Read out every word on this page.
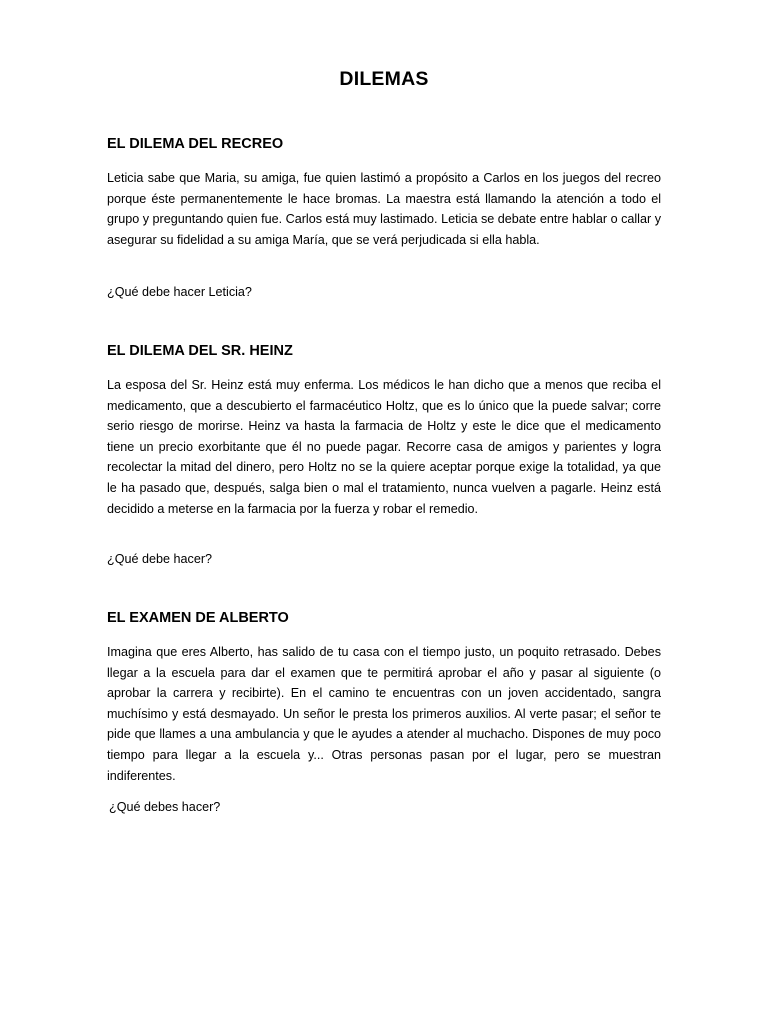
DILEMAS
EL DILEMA DEL RECREO

Leticia sabe que Maria, su amiga, fue quien lastimó a propósito a Carlos en los juegos del recreo porque éste permanentemente le hace bromas. La maestra está llamando la atención a todo el grupo y preguntando quien fue. Carlos está muy lastimado. Leticia se debate entre hablar o callar y asegurar su fidelidad a su amiga María, que se verá perjudicada si ella habla.

¿Qué debe hacer Leticia?

EL DILEMA DEL SR. HEINZ

La esposa del Sr. Heinz está muy enferma. Los médicos le han dicho que a menos que reciba el medicamento, que a descubierto el farmacéutico Holtz, que es lo único que la puede salvar; corre serio riesgo de morirse. Heinz va hasta la farmacia de Holtz y este le dice que el medicamento tiene un precio exorbitante que él no puede pagar. Recorre casa de amigos y parientes y logra recolectar la mitad del dinero, pero Holtz no se la quiere aceptar porque exige la totalidad, ya que le ha pasado que, después, salga bien o mal el tratamiento, nunca vuelven a pagarle. Heinz está decidido a meterse en la farmacia por la fuerza y robar el remedio.

¿Qué debe hacer?

EL EXAMEN DE ALBERTO

Imagina que eres Alberto, has salido de tu casa con el tiempo justo, un poquito retrasado. Debes llegar a la escuela para dar el examen que te permitirá aprobar el año y pasar al siguiente (o aprobar la carrera y recibirte). En el camino te encuentras con un joven accidentado, sangra muchísimo y está desmayado. Un señor le presta los primeros auxilios. Al verte pasar; el señor te pide que llames a una ambulancia y que le ayudes a atender al muchacho. Dispones de muy poco tiempo para llegar a la escuela y... Otras personas pasan por el lugar, pero se muestran indiferentes.

¿Qué debes hacer?
